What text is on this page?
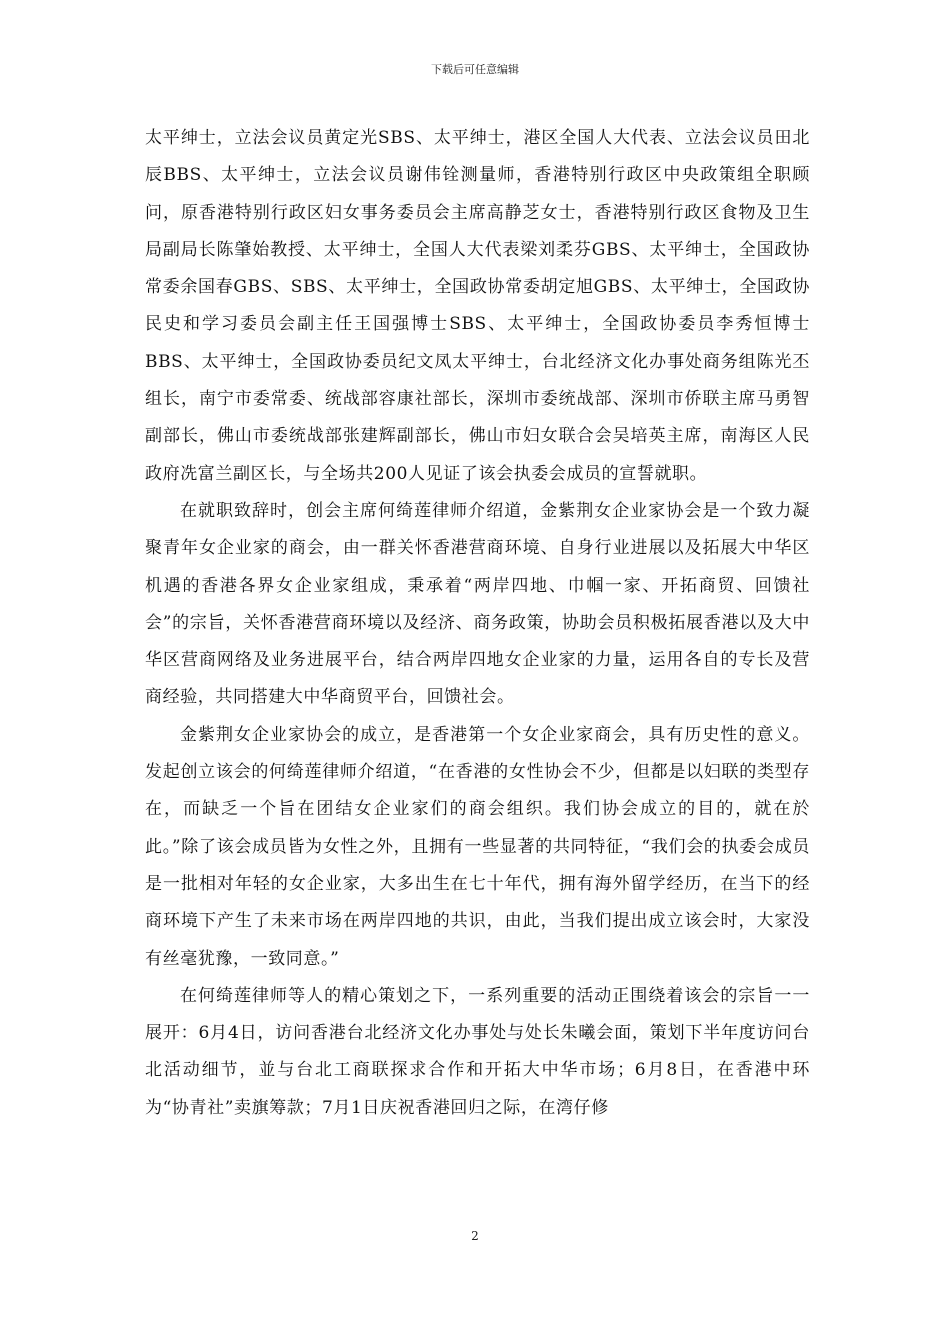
下载后可任意编辑

太平绅士，立法会议员黄定光SBS、太平绅士，港区全国人大代表、立法会议员田北辰BBS、太平绅士，立法会议员谢伟铨测量师，香港特别行政区中央政策组全职顾问，原香港特别行政区妇女事务委员会主席高静芝女士，香港特别行政区食物及卫生局副局长陈肇始教授、太平绅士，全国人大代表梁刘柔芬GBS、太平绅士，全国政协常委余国春GBS、SBS、太平绅士，全国政协常委胡定旭GBS、太平绅士，全国政协民史和学习委员会副主任王国强博士SBS、太平绅士，全国政协委员李秀恒博士 BBS、太平绅士，全国政协委员纪文凤太平绅士，台北经济文化办事处商务组陈光丕组长，南宁市委常委、统战部容康社部长，深圳市委统战部、深圳市侨联主席马勇智副部长，佛山市委统战部张建辉副部长，佛山市妇女联合会吴培英主席，南海区人民政府冼富兰副区长，与全场共200人见证了该会执委会成员的宣誓就职。

在就职致辞时，创会主席何绮莲律师介绍道，金紫荆女企业家协会是一个致力凝聚青年女企业家的商会，由一群关怀香港营商环境、自身行业进展以及拓展大中华区机遇的香港各界女企业家组成，秉承着“两岸四地、巾帼一家、开拓商贸、回馈社会”的宗旨，关怀香港营商环境以及经济、商务政策，协助会员积极拓展香港以及大中华区营商网络及业务进展平台，结合两岸四地女企业家的力量，运用各自的专长及营商经验，共同搭建大中华商贸平台，回馈社会。

金紫荆女企业家协会的成立，是香港第一个女企业家商会，具有历史性的意义。发起创立该会的何绮莲律师介绍道，“在香港的女性协会不少，但都是以妇联的类型存在，而缺乏一个旨在团结女企业家们的商会组织。我们协会成立的目的，就在於此。”除了该会成员皆为女性之外，且拥有一些显著的共同特征，“我们会的执委会成员是一批相对年轻的女企业家，大多出生在七十年代，拥有海外留学经历，在当下的经商环境下产生了未来市场在两岸四地的共识，由此，当我们提出成立该会时，大家没有丝毫犹豫，一致同意。”

在何绮莲律师等人的精心策划之下，一系列重要的活动正围绕着该会的宗旨一一展开：6月4日，访问香港台北经济文化办事处与处长朱曦会面，策划下半年度访问台北活动细节，並与台北工商联探求合作和开拓大中华市场；6月8日，在香港中环为“协青社”卖旗筹款；7月1日庆祝香港回归之际，在湾仔修

2
